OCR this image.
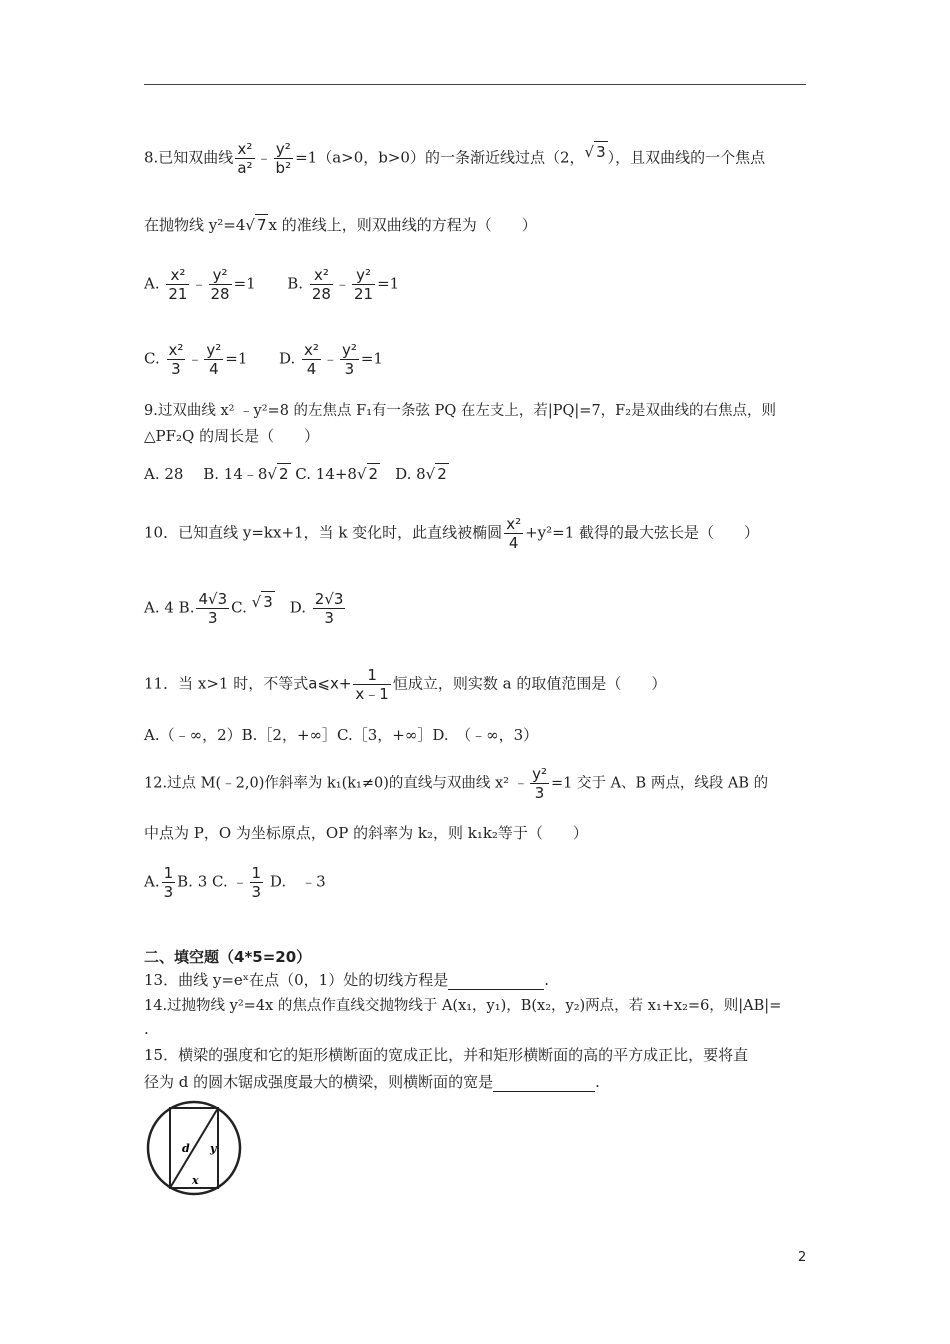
8.已知双曲线 $\frac{\text{x²}}{\text{a²}}$ ﹣ $\frac{\text{y²}}{\text{b²}} =1(a>0$，b>0）的一条渐近线过点（2，√ 3 ），且双曲线的一个焦点
在抛物线 y²=4√ 7 x 的准线上，则双曲线的方程为（　　）
A. $\frac{\text{x²}}{21}$ ﹣ $\frac{\text{y²}}{28} =1$ B. $\frac{\text{x²}}{28}$ ﹣ $\frac{\text{y²}}{21} =1$
C. $\frac{\text{x²}}{3}$ ﹣ $\frac{\text{y²}}{4} =1$ D. $\frac{\text{x²}}{4}$ ﹣ $\frac{\text{y²}}{3} =1$
9.过双曲线 x² ﹣y²=8 的左焦点 F₁有一条弦 PQ 在左支上，若|PQ|=7，F₂是双曲线的右焦点，则
△PF₂Q 的周长是（　　）
A. 28　 B. 14﹣8√ 2 C. 14+8√ 2　D. 8√ 2
10．已知直线 y=kx+1，当 k 变化时，此直线被椭圆 $\frac{\text{x²}}{4} +y^2=1$ 截得的最大弦长是（　　）
A. 4 B. $\frac{4√3}{3} C$. √ 3　D. $\frac{2√3}{3}$
11．当 x>1 时，不等式a⩽x+ $\frac{1}{x﹣1}$ 恒成立，则实数 a 的取值范围是（　　）
A.（﹣∞，2）B.［2，+∞］C.［3，+∞］D.　（﹣∞，3）
12.过点 M(﹣2,0)作斜率为 k₁(k₁≠0)的直线与双曲线 x² ﹣ $\frac{\text{y²}}{3} =1$ 交于 A、B 两点，线段 AB 的
中点为 P，O 为坐标原点，OP 的斜率为 k₂，则 k₁k₂等于（　　）
A. $\frac{1}{3} B$. 3 C. ﹣ $\frac{1}{3} D$.　﹣3
二、填空题（4*5=20）
13．曲线 y=eˣ在点（0，1）处的切线方程是	.
14.过抛物线 y²=4x 的焦点作直线交抛物线于 A(x₁，y₁)，B(x₂，y₂)两点，若 x₁+x₂=6，则|AB|=
.
15．横梁的强度和它的矩形横断面的宽成正比，并和矩形横断面的高的平方成正比，要将直
径为 d 的圆木锯成强度最大的横梁，则横断面的宽是	.
d y
x
2
